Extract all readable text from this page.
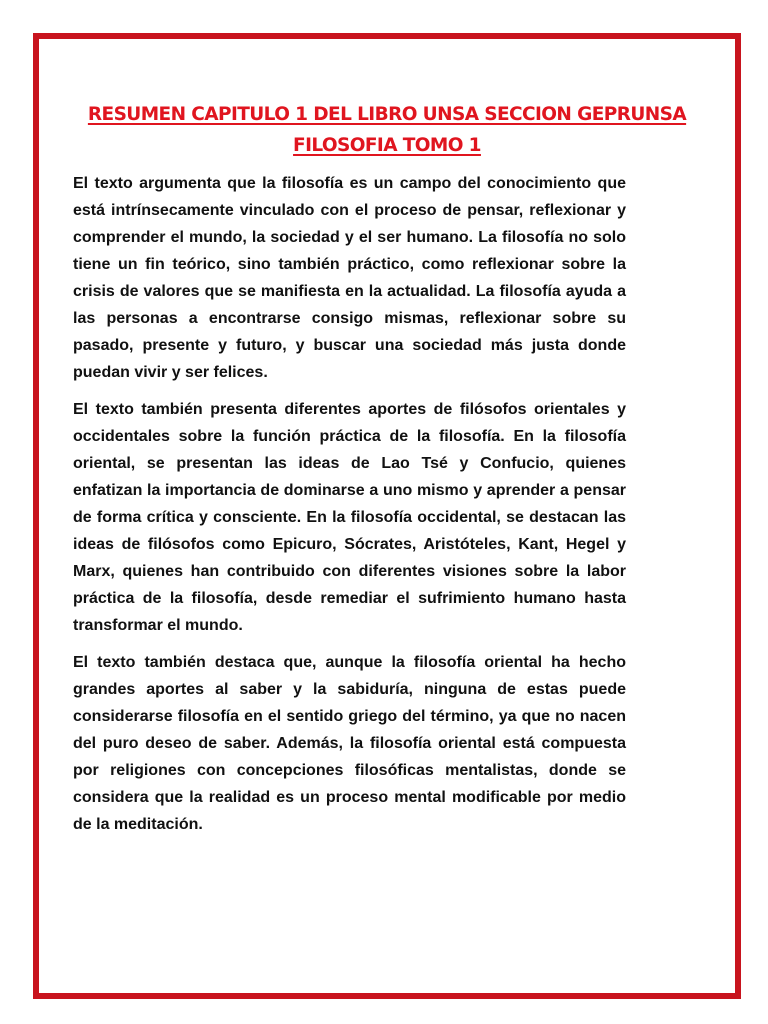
RESUMEN CAPITULO 1 DEL LIBRO UNSA SECCION GEPRUNSA
FILOSOFIA TOMO 1

El texto argumenta que la filosofía es un campo del conocimiento que está intrínsecamente vinculado con el proceso de pensar, reflexionar y comprender el mundo, la sociedad y el ser humano. La filosofía no solo tiene un fin teórico, sino también práctico, como reflexionar sobre la crisis de valores que se manifiesta en la actualidad. La filosofía ayuda a las personas a encontrarse consigo mismas, reflexionar sobre su pasado, presente y futuro, y buscar una sociedad más justa donde puedan vivir y ser felices.

El texto también presenta diferentes aportes de filósofos orientales y occidentales sobre la función práctica de la filosofía. En la filosofía oriental, se presentan las ideas de Lao Tsé y Confucio, quienes enfatizan la importancia de dominarse a uno mismo y aprender a pensar de forma crítica y consciente. En la filosofía occidental, se destacan las ideas de filósofos como Epicuro, Sócrates, Aristóteles, Kant, Hegel y Marx, quienes han contribuido con diferentes visiones sobre la labor práctica de la filosofía, desde remediar el sufrimiento humano hasta transformar el mundo.

El texto también destaca que, aunque la filosofía oriental ha hecho grandes aportes al saber y la sabiduría, ninguna de estas puede considerarse filosofía en el sentido griego del término, ya que no nacen del puro deseo de saber. Además, la filosofía oriental está compuesta por religiones con concepciones filosóficas mentalistas, donde se considera que la realidad es un proceso mental modificable por medio de la meditación.
